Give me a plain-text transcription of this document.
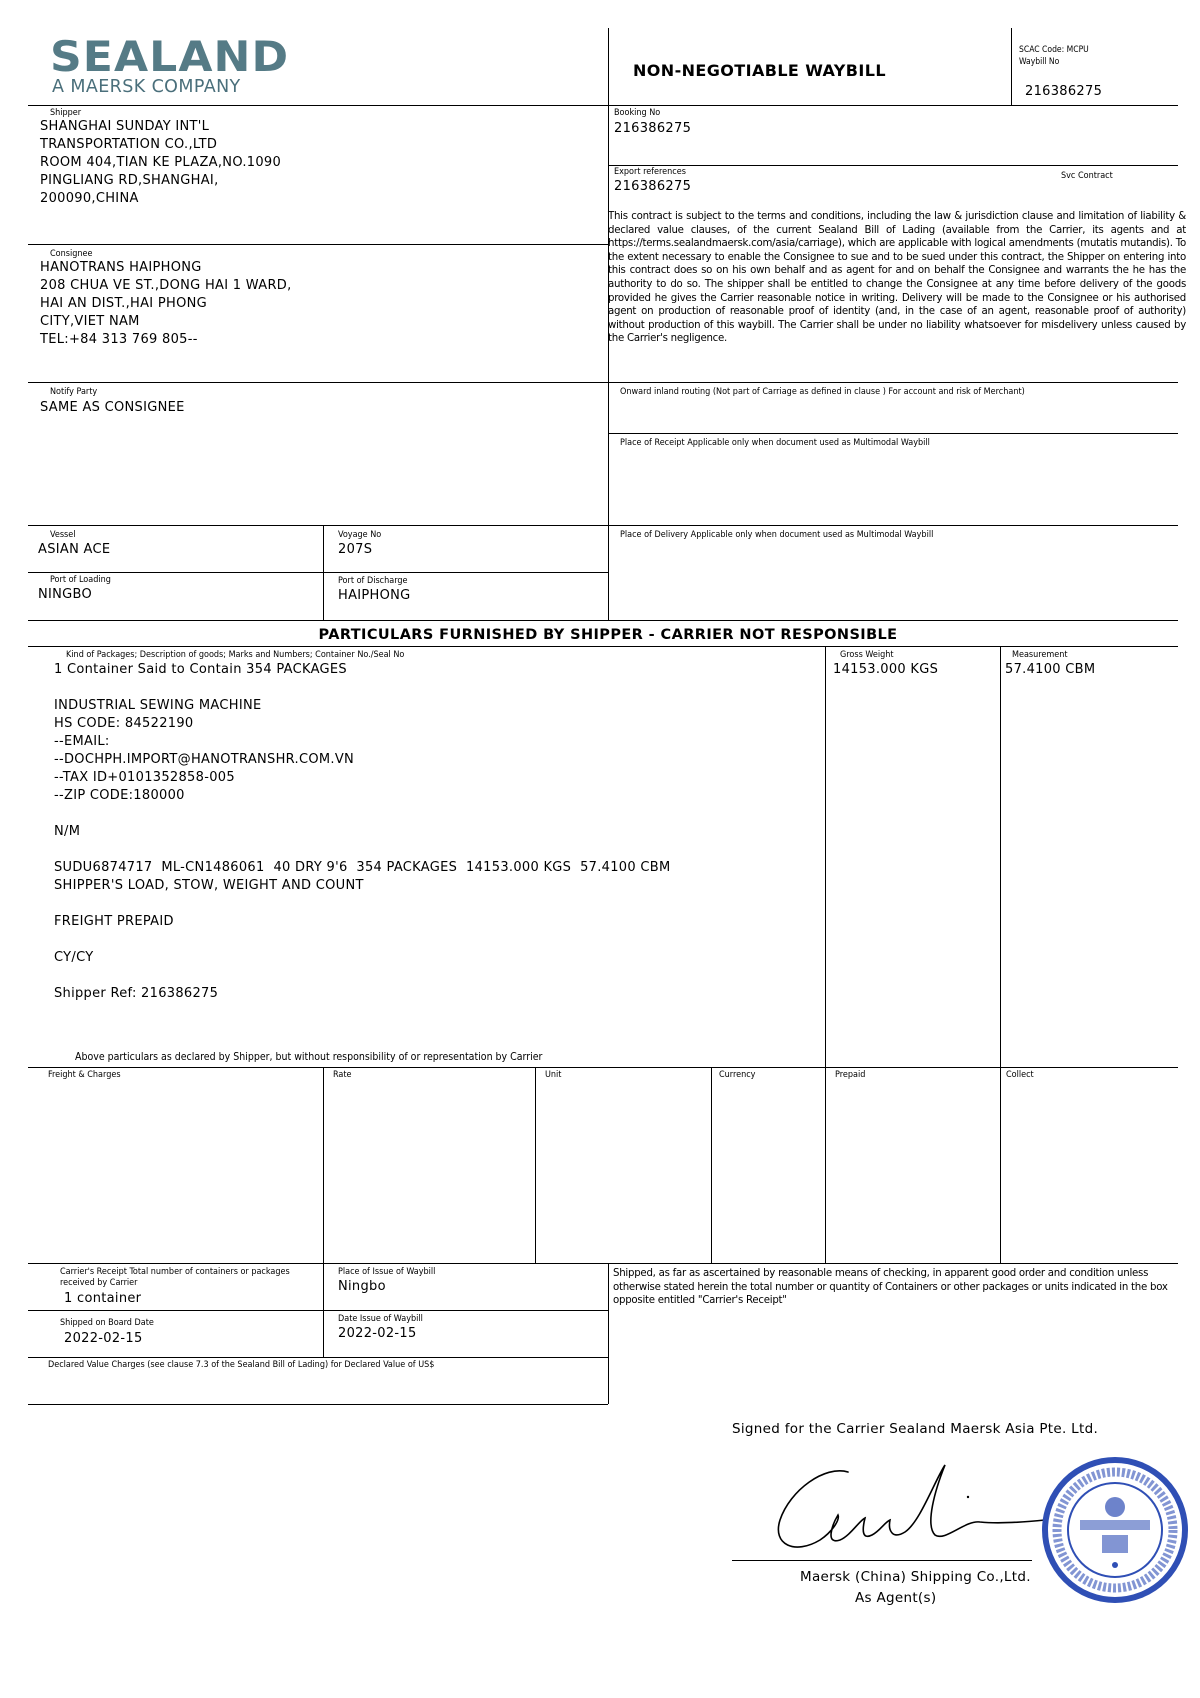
SEALAND
A MAERSK COMPANY
NON-NEGOTIABLE WAYBILL
SCAC Code: MCPU
Waybill No
216386275
Shipper
SHANGHAI SUNDAY INT'L
TRANSPORTATION CO.,LTD
ROOM 404,TIAN KE PLAZA,NO.1090
PINGLIANG RD,SHANGHAI,
200090,CHINA
Booking No
216386275
Export references
216386275
Svc Contract
This contract is subject to the terms and conditions, including the law & jurisdiction clause and limitation of liability & declared value clauses, of the current Sealand Bill of Lading (available from the Carrier, its agents and at https://terms.sealandmaersk.com/asia/carriage), which are applicable with logical amendments (mutatis mutandis). To the extent necessary to enable the Consignee to sue and to be sued under this contract, the Shipper on entering into this contract does so on his own behalf and as agent for and on behalf the Consignee and warrants the he has the authority to do so. The shipper shall be entitled to change the Consignee at any time before delivery of the goods provided he gives the Carrier reasonable notice in writing. Delivery will be made to the Consignee or his authorised agent on production of reasonable proof of identity (and, in the case of an agent, reasonable proof of authority) without production of this waybill. The Carrier shall be under no liability whatsoever for misdelivery unless caused by the Carrier's negligence.
Consignee
HANOTRANS HAIPHONG
208 CHUA VE ST.,DONG HAI 1 WARD,
HAI AN DIST.,HAI PHONG
CITY,VIET NAM
TEL:+84 313 769 805--
Notify Party
SAME AS CONSIGNEE
Onward inland routing (Not part of Carriage as defined in clause ) For account and risk of Merchant)
Place of Receipt Applicable only when document used as Multimodal Waybill
Place of Delivery Applicable only when document used as Multimodal Waybill
Vessel
ASIAN ACE
Voyage No
207S
Port of Loading
NINGBO
Port of Discharge
HAIPHONG
PARTICULARS FURNISHED BY SHIPPER - CARRIER NOT RESPONSIBLE
Kind of Packages; Description of goods; Marks and Numbers; Container No./Seal No
1 Container Said to Contain 354 PACKAGES

INDUSTRIAL SEWING MACHINE
HS CODE: 84522190
--EMAIL:
--DOCHPH.IMPORT@HANOTRANSHR.COM.VN
--TAX ID+0101352858-005
--ZIP CODE:180000

N/M

SUDU6874717  ML-CN1486061  40 DRY 9'6  354 PACKAGES  14153.000 KGS  57.4100 CBM
SHIPPER'S LOAD, STOW, WEIGHT AND COUNT

FREIGHT PREPAID

CY/CY

Shipper Ref: 216386275
Above particulars as declared by Shipper, but without responsibility of or representation by Carrier
Gross Weight
14153.000 KGS
Measurement
57.4100 CBM
Freight & Charges	Rate	Unit	Currency	Prepaid	Collect
Carrier's Receipt Total number of containers or packages received by Carrier
1 container
Place of Issue of Waybill
Ningbo
Shipped on Board Date
2022-02-15
Date Issue of Waybill
2022-02-15
Declared Value Charges (see clause 7.3 of the Sealand Bill of Lading) for Declared Value of US$
Shipped, as far as ascertained by reasonable means of checking, in apparent good order and condition unless otherwise stated herein the total number or quantity of Containers or other packages or units indicated in the box opposite entitled "Carrier's Receipt"
Signed for the Carrier Sealand Maersk Asia Pte. Ltd.
Maersk (China) Shipping Co.,Ltd.
As Agent(s)
